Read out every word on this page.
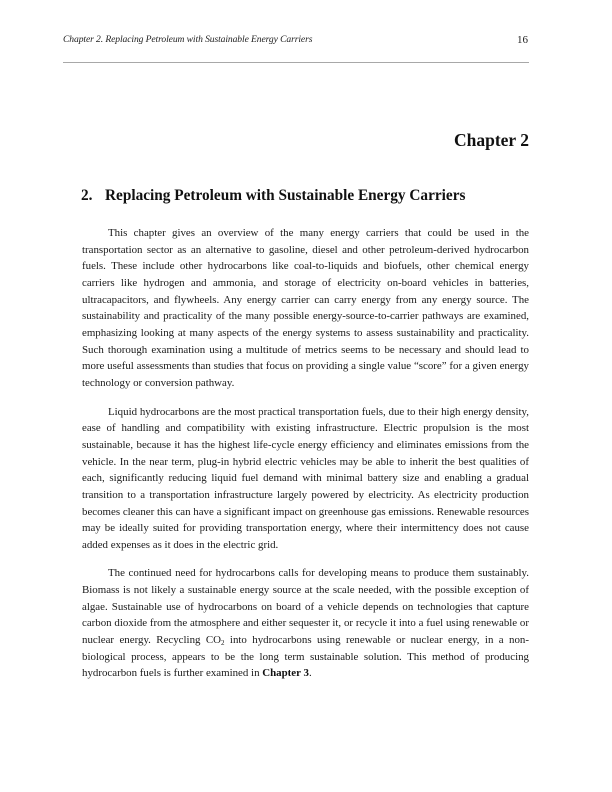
Chapter 2. Replacing Petroleum with Sustainable Energy Carriers	16
Chapter 2
2. Replacing Petroleum with Sustainable Energy Carriers

This chapter gives an overview of the many energy carriers that could be used in the transportation sector as an alternative to gasoline, diesel and other petroleum-derived hydrocarbon fuels. These include other hydrocarbons like coal-to-liquids and biofuels, other chemical energy carriers like hydrogen and ammonia, and storage of electricity on-board vehicles in batteries, ultracapacitors, and flywheels. Any energy carrier can carry energy from any energy source. The sustainability and practicality of the many possible energy-source-to-carrier pathways are examined, emphasizing looking at many aspects of the energy systems to assess sustainability and practicality. Such thorough examination using a multitude of metrics seems to be necessary and should lead to more useful assessments than studies that focus on providing a single value “score” for a given energy technology or conversion pathway.

Liquid hydrocarbons are the most practical transportation fuels, due to their high energy density, ease of handling and compatibility with existing infrastructure. Electric propulsion is the most sustainable, because it has the highest life-cycle energy efficiency and eliminates emissions from the vehicle. In the near term, plug-in hybrid electric vehicles may be able to inherit the best qualities of each, significantly reducing liquid fuel demand with minimal battery size and enabling a gradual transition to a transportation infrastructure largely powered by electricity. As electricity production becomes cleaner this can have a significant impact on greenhouse gas emissions. Renewable resources may be ideally suited for providing transportation energy, where their intermittency does not cause added expenses as it does in the electric grid.

The continued need for hydrocarbons calls for developing means to produce them sustainably. Biomass is not likely a sustainable energy source at the scale needed, with the possible exception of algae. Sustainable use of hydrocarbons on board of a vehicle depends on technologies that capture carbon dioxide from the atmosphere and either sequester it, or recycle it into a fuel using renewable or nuclear energy. Recycling $CO_2$ into hydrocarbons using renewable or nuclear energy, in a non-biological process, appears to be the long term sustainable solution. This method of producing hydrocarbon fuels is further examined in Chapter 3.
